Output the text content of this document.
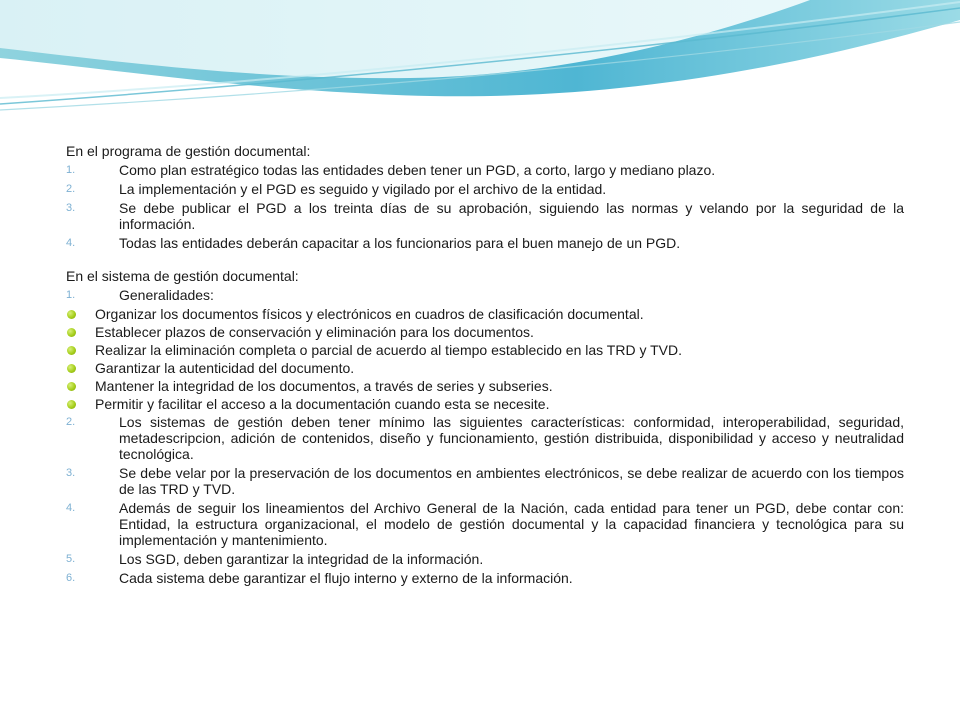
En el programa de gestión documental:

1.	Como plan estratégico todas las entidades deben tener un PGD, a corto, largo y mediano plazo.
2.	La implementación y el PGD es seguido y vigilado por el archivo de la entidad.
3.	Se debe publicar el PGD a los treinta días de su aprobación, siguiendo las normas y velando por la seguridad de la información.
4.	Todas las entidades deberán capacitar a los funcionarios para el buen manejo de un PGD.

En el sistema de gestión documental:

1.	Generalidades:
Organizar los documentos físicos y electrónicos en cuadros de clasificación documental.
Establecer plazos de conservación y eliminación para los documentos.
Realizar la eliminación completa o parcial de acuerdo al tiempo establecido en las TRD y TVD.
Garantizar la autenticidad del documento.
Mantener la integridad de los documentos, a través de series y subseries.
Permitir y facilitar el acceso a la documentación cuando esta se necesite.
2.	Los sistemas de gestión deben tener mínimo las siguientes características: conformidad, interoperabilidad, seguridad, metadescripcion, adición de contenidos, diseño y funcionamiento, gestión distribuida, disponibilidad y acceso y neutralidad tecnológica.
3.	Se debe velar por la preservación de los documentos en ambientes electrónicos, se debe realizar de acuerdo con los tiempos de las TRD y TVD.
4.	Además de seguir los lineamientos del Archivo General de la Nación, cada entidad para tener un PGD, debe contar con: Entidad, la estructura organizacional, el modelo de gestión documental y la capacidad financiera y tecnológica para su implementación y mantenimiento.
5.	Los SGD, deben garantizar la integridad de la información.
6.	Cada sistema debe garantizar el flujo interno y externo de la información.
